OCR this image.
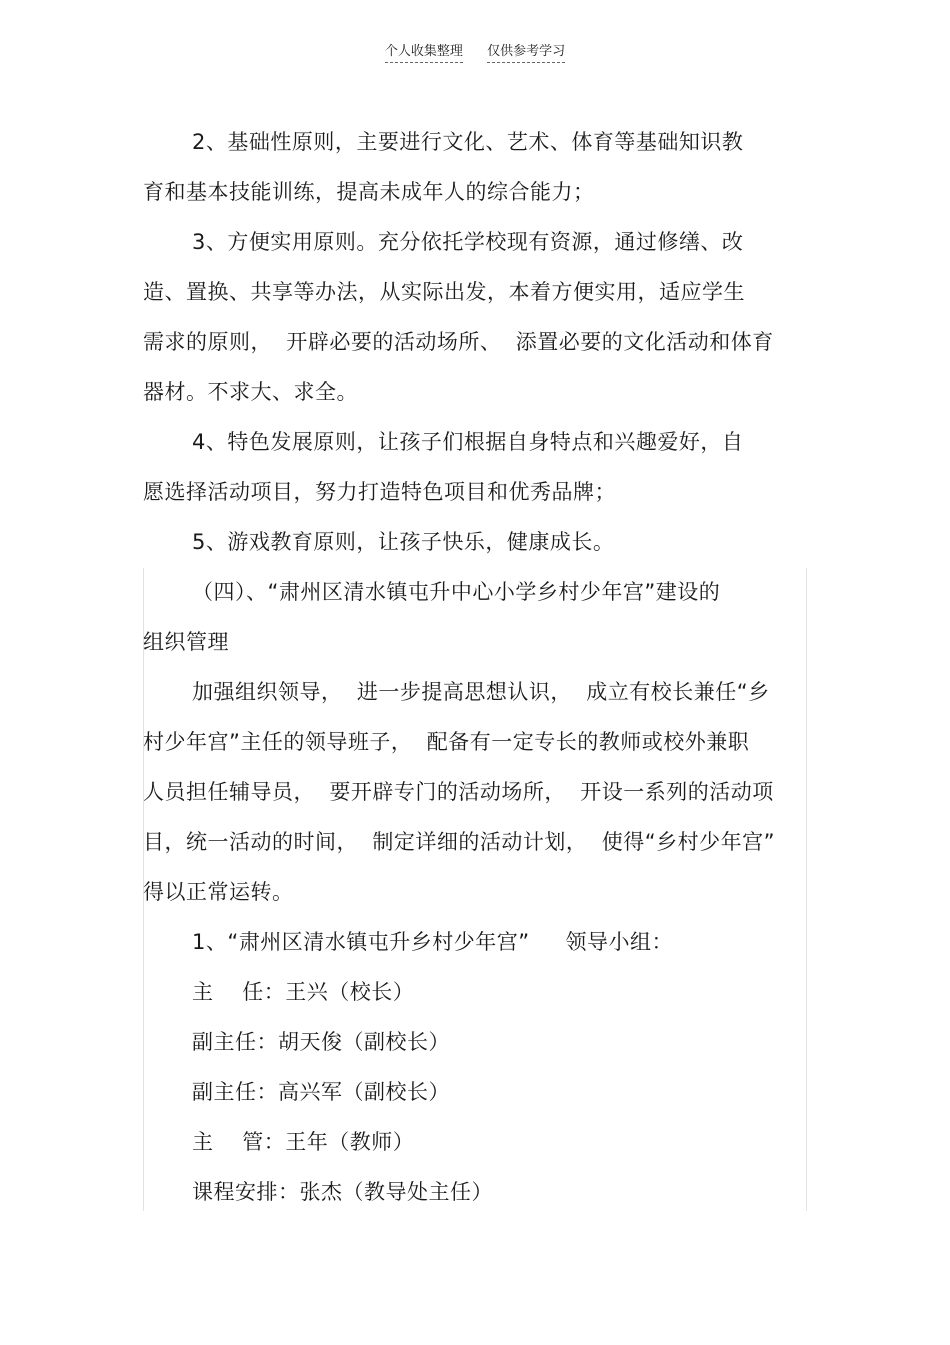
个人收集整理 仅供参考学习
2、基础性原则，主要进行文化、艺术、体育等基础知识教
育和基本技能训练，提高未成年人的综合能力；
3、方便实用原则。充分依托学校现有资源，通过修缮、改
造、置换、共享等办法，从实际出发，本着方便实用，适应学生
需求的原则，  开辟必要的活动场所、  添置必要的文化活动和体育
器材。不求大、求全。
4、特色发展原则，让孩子们根据自身特点和兴趣爱好，自
愿选择活动项目，努力打造特色项目和优秀品牌；
5、游戏教育原则，让孩子快乐，健康成长。
（四）、“肃州区清水镇屯升中心小学乡村少年宫”建设的
组织管理
加强组织领导，  进一步提高思想认识，  成立有校长兼任“乡
村少年宫”主任的领导班子，  配备有一定专长的教师或校外兼职
人员担任辅导员，  要开辟专门的活动场所，  开设一系列的活动项
目，统一活动的时间，  制定详细的活动计划，  使得“乡村少年宫”
得以正常运转。
1、“肃州区清水镇屯升乡村少年宫”     领导小组：
主    任：王兴（校长）
副主任：胡天俊（副校长）
副主任：高兴军（副校长）
主    管：王年（教师）
课程安排：张杰（教导处主任）
